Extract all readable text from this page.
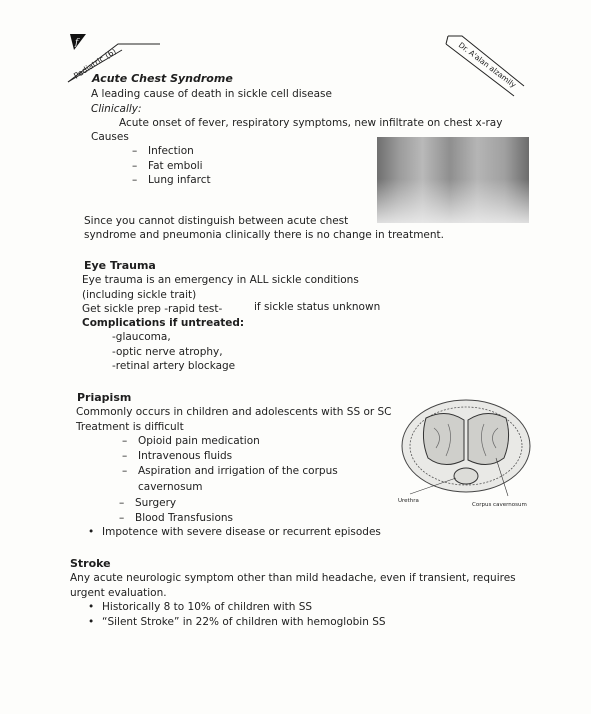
f
Pediatric (6)	Dr. A'alan alzamily
Acute Chest Syndrome
A leading cause of death in sickle cell disease
Clinically:
Acute onset of fever, respiratory symptoms, new infiltrate on chest x-ray
Causes
– Infection
– Fat emboli
– Lung infarct
Since you cannot distinguish between acute chest
syndrome and pneumonia clinically there is no change in treatment.
Eye Trauma
Eye trauma is an emergency in ALL sickle conditions
(including sickle trait)
Get sickle prep -rapid test-	if sickle status unknown
Complications if untreated:
-glaucoma,
-optic nerve atrophy,
-retinal artery blockage
Priapism
Commonly occurs in children and adolescents with SS or SC
Treatment is difficult
– Opioid pain medication
– Intravenous fluids
– Aspiration and irrigation of the corpus
cavernosum
– Surgery
– Blood Transfusions
• Impotence with severe disease or recurrent episodes
Urethra
Corpus cavernosum
Stroke
Any acute neurologic symptom other than mild headache, even if transient, requires
urgent evaluation.
• Historically 8 to 10% of children with SS
• “Silent Stroke” in 22% of children with hemoglobin SS
